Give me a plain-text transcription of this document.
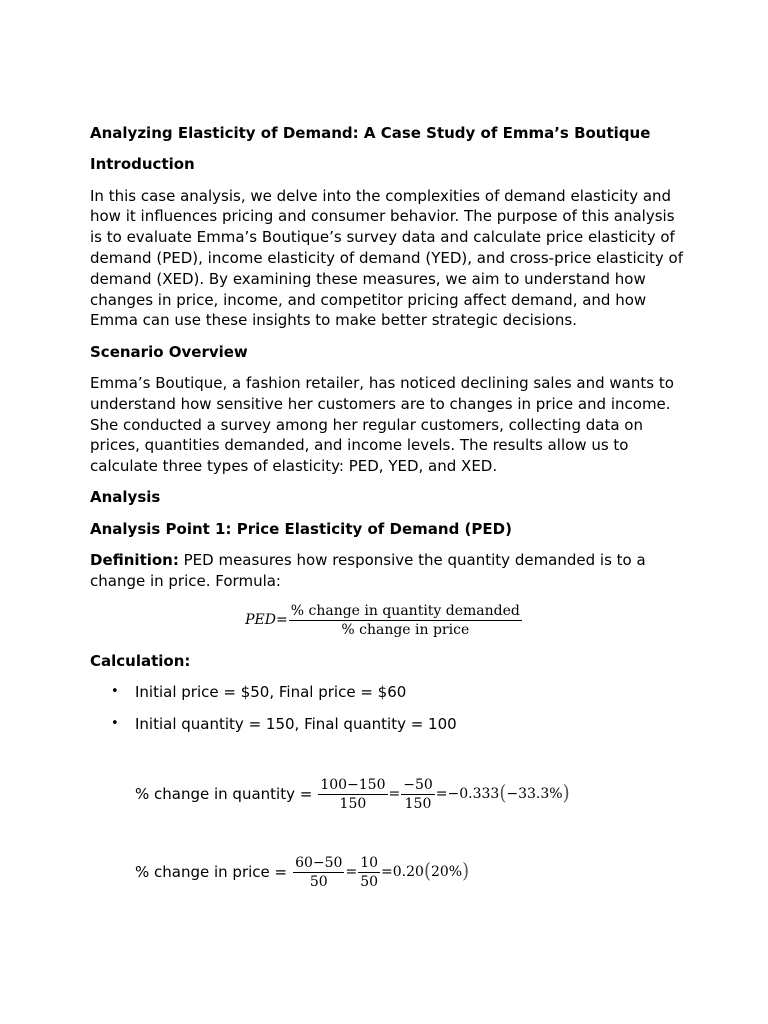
Analyzing Elasticity of Demand: A Case Study of Emma’s Boutique
Introduction
In this case analysis, we delve into the complexities of demand elasticity and how it influences pricing and consumer behavior. The purpose of this analysis is to evaluate Emma’s Boutique’s survey data and calculate price elasticity of demand (PED), income elasticity of demand (YED), and cross-price elasticity of demand (XED). By examining these measures, we aim to understand how changes in price, income, and competitor pricing affect demand, and how Emma can use these insights to make better strategic decisions.
Scenario Overview
Emma’s Boutique, a fashion retailer, has noticed declining sales and wants to understand how sensitive her customers are to changes in price and income. She conducted a survey among her regular customers, collecting data on prices, quantities demanded, and income levels. The results allow us to calculate three types of elasticity: PED, YED, and XED.
Analysis
Analysis Point 1: Price Elasticity of Demand (PED)
Definition: PED measures how responsive the quantity demanded is to a change in price. Formula:
PED = $\frac{\text{\% change in quantity demanded}}{\text{\% change in price}}$
Calculation:
• Initial price = $50, Final price = $60
• Initial quantity = 150, Final quantity = 100
% change in quantity = $\frac{100-150}{150} = \frac{-50}{150} = -0.333$ ( −33.3% )
% change in price = $\frac{60-50}{50} = \frac{10}{50} = 0.20$ ( 20% )
